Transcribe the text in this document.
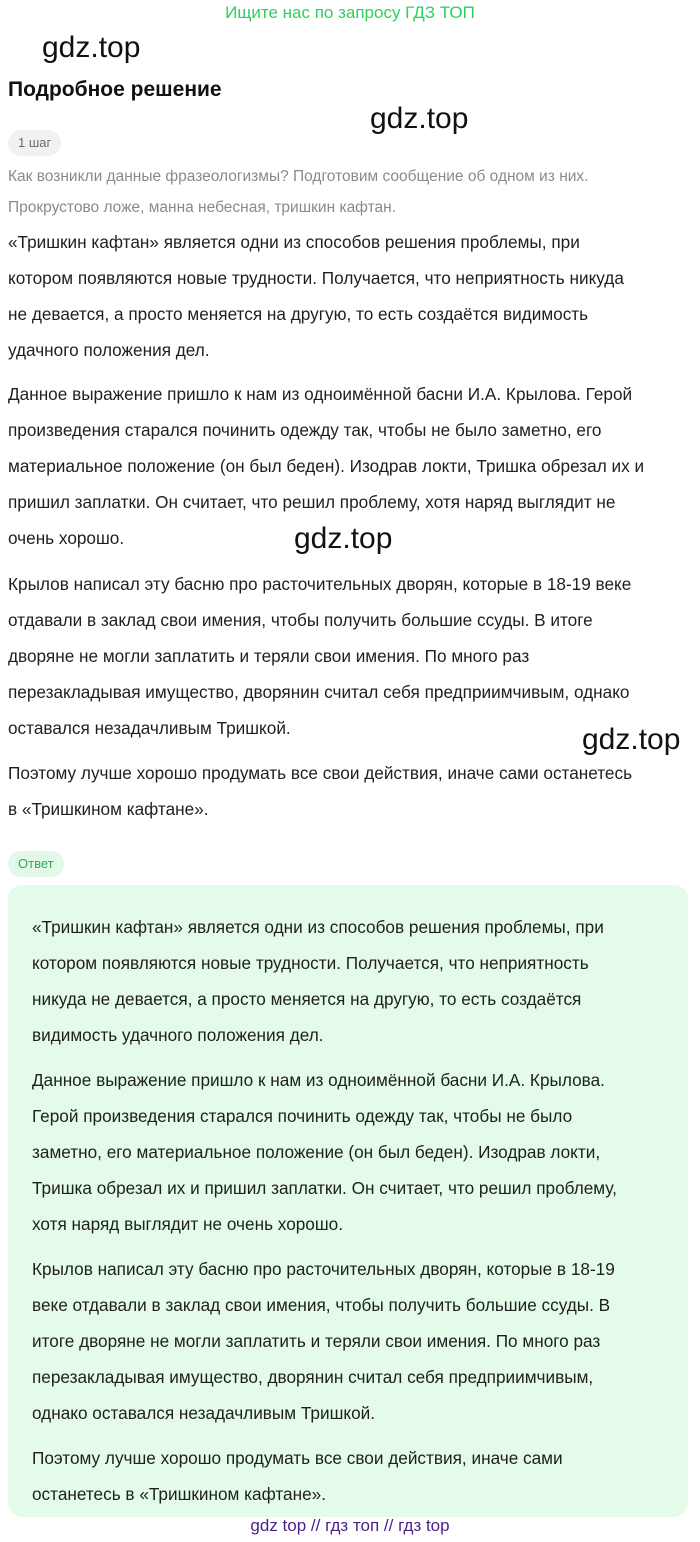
Ищите нас по запросу ГДЗ ТОП
gdz.top
gdz.top
gdz.top
gdz.top
Подробное решение
1 шаг
Как возникли данные фразеологизмы? Подготовим сообщение об одном из них.
Прокрустово ложе, манна небесная, тришкин кафтан.

«Тришкин кафтан» является одни из способов решения проблемы, при

котором появляются новые трудности. Получается, что неприятность никуда

не девается, а просто меняется на другую, то есть создаётся видимость

удачного положения дел.

Данное выражение пришло к нам из одноимённой басни И.А. Крылова. Герой

произведения старался починить одежду так, чтобы не было заметно, его

материальное положение (он был беден). Изодрав локти, Тришка обрезал их и

пришил заплатки. Он считает, что решил проблему, хотя наряд выглядит не

очень хорошо.

Крылов написал эту басню про расточительных дворян, которые в 18-19 веке

отдавали в заклад свои имения, чтобы получить большие ссуды. В итоге

дворяне не могли заплатить и теряли свои имения. По много раз

перезакладывая имущество, дворянин считал себя предприимчивым, однако

оставался незадачливым Тришкой.

Поэтому лучше хорошо продумать все свои действия, иначе сами останетесь

в «Тришкином кафтане».

Ответ

«Тришкин кафтан» является одни из способов решения проблемы, при

котором появляются новые трудности. Получается, что неприятность

никуда не девается, а просто меняется на другую, то есть создаётся

видимость удачного положения дел.

Данное выражение пришло к нам из одноимённой басни И.А. Крылова.

Герой произведения старался починить одежду так, чтобы не было

заметно, его материальное положение (он был беден). Изодрав локти,

Тришка обрезал их и пришил заплатки. Он считает, что решил проблему,

хотя наряд выглядит не очень хорошо.

Крылов написал эту басню про расточительных дворян, которые в 18-19

веке отдавали в заклад свои имения, чтобы получить большие ссуды. В

итоге дворяне не могли заплатить и теряли свои имения. По много раз

перезакладывая имущество, дворянин считал себя предприимчивым,

однако оставался незадачливым Тришкой.

Поэтому лучше хорошо продумать все свои действия, иначе сами

останетесь в «Тришкином кафтане».

gdz top // гдз топ // гдз top
